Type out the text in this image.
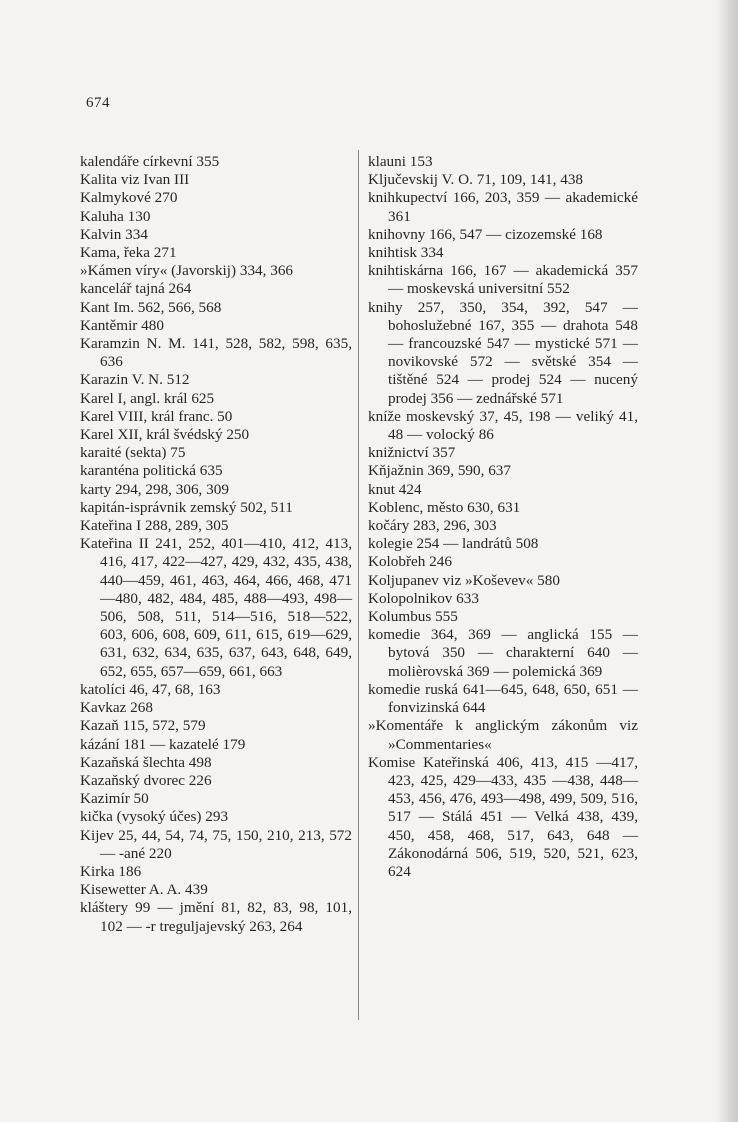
674
kalendáře církevní 355
Kalita viz Ivan III
Kalmykové 270
Kaluha 130
Kalvin 334
Kama, řeka 271
»Kámen víry« (Javorskij) 334, 366
kancelář tajná 264
Kant Im. 562, 566, 568
Kantěmir 480
Karamzin N. M. 141, 528, 582, 598, 635, 636
Karazin V. N. 512
Karel I, angl. král 625
Karel VIII, král franc. 50
Karel XII, král švédský 250
karaité (sekta) 75
karanténa politická 635
karty 294, 298, 306, 309
kapitán-isprávnik zemský 502, 511
Kateřina I 288, 289, 305
Kateřina II 241, 252, 401—410, 412, 413, 416, 417, 422—427, 429, 432, 435, 438, 440—459, 461, 463, 464, 466, 468, 471—480, 482, 484, 485, 488—493, 498—506, 508, 511, 514—516, 518—522, 603, 606, 608, 609, 611, 615, 619—629, 631, 632, 634, 635, 637, 643, 648, 649, 652, 655, 657—659, 661, 663
katolíci 46, 47, 68, 163
Kavkaz 268
Kazaň 115, 572, 579
kázání 181 — kazatelé 179
Kazaňská šlechta 498
Kazaňský dvorec 226
Kazimír 50
kička (vysoký účes) 293
Kijev 25, 44, 54, 74, 75, 150, 210, 213, 572 — -ané 220
Kirka 186
Kisewetter A. A. 439
kláštery 99 — jmění 81, 82, 83, 98, 101, 102 — -r treguljajevský 263, 264
klauni 153
Ključevskij V. O. 71, 109, 141, 438
knihkupectví 166, 203, 359 — akademické 361
knihovny 166, 547 — cizozemské 168
knihtisk 334
knihtiskárna 166, 167 — akademická 357 — moskevská universitní 552
knihy 257, 350, 354, 392, 547 — bohoslužebné 167, 355 — drahota 548 — francouzské 547 — mystické 571 — novikovské 572 — světské 354 — tištěné 524 — prodej 524 — nucený prodej 356 — zednářské 571
kníže moskevský 37, 45, 198 — veliký 41, 48 — volocký 86
knižnictví 357
Kňjažnin 369, 590, 637
knut 424
Koblenc, město 630, 631
kočáry 283, 296, 303
kolegie 254 — landrátů 508
Kolobřeh 246
Koljupanev viz »Koševev« 580
Kolopolnikov 633
Kolumbus 555
komedie 364, 369 — anglická 155 — bytová 350 — charakterní 640 — molièrovská 369 — polemická 369
komedie ruská 641—645, 648, 650, 651 — fonvizinská 644
»Komentáře k anglickým zákonům viz »Commentaries«
Komise Kateřinská 406, 413, 415 —417, 423, 425, 429—433, 435 —438, 448—453, 456, 476, 493—498, 499, 509, 516, 517 — Stálá 451 — Velká 438, 439, 450, 458, 468, 517, 643, 648 — Zákonodárná 506, 519, 520, 521, 623, 624
